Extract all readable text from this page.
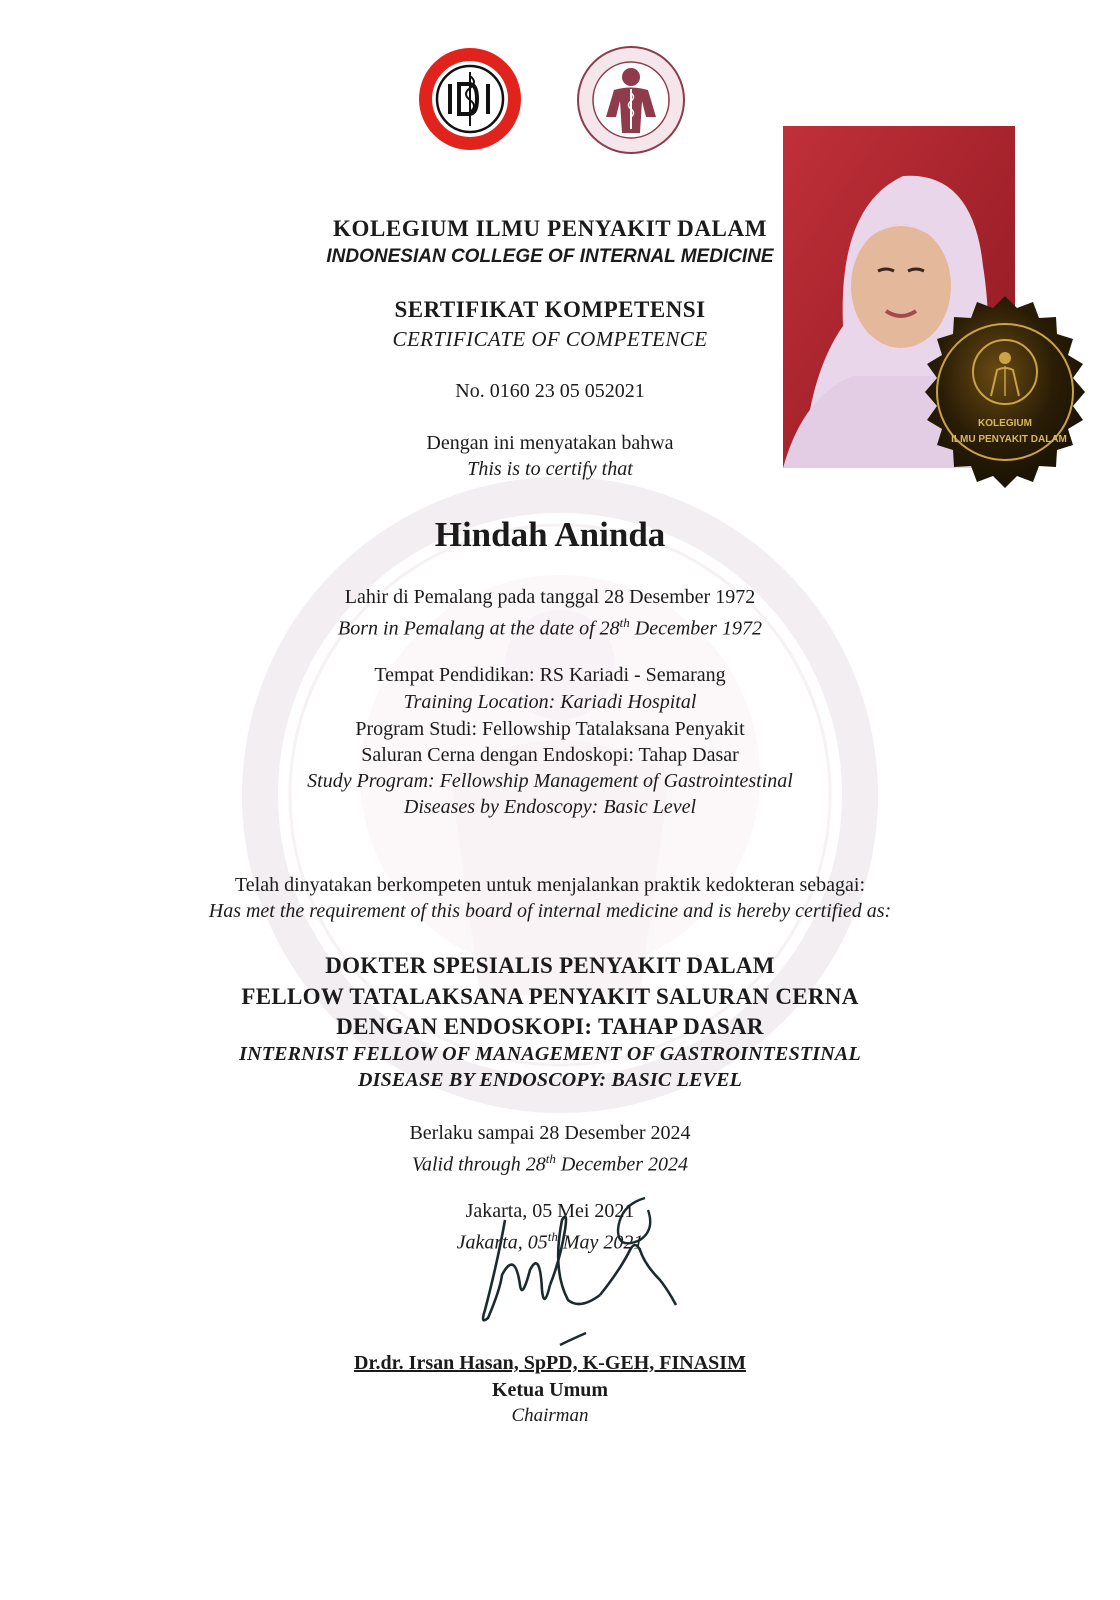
KOLEGIUM
ILMU PENYAKIT DALAM
KOLEGIUM ILMU PENYAKIT DALAM
INDONESIAN COLLEGE OF INTERNAL MEDICINE
SERTIFIKAT KOMPETENSI
CERTIFICATE OF COMPETENCE
No. 0160 23 05 052021
Dengan ini menyatakan bahwa
This is to certify that
Hindah Aninda
Lahir di Pemalang pada tanggal 28 Desember 1972
Born in Pemalang at the date of 28th December 1972
Tempat Pendidikan: RS Kariadi - Semarang
Training Location: Kariadi Hospital
Program Studi: Fellowship Tatalaksana Penyakit
Saluran Cerna dengan Endoskopi: Tahap Dasar
Study Program: Fellowship Management of Gastrointestinal
Diseases by Endoscopy: Basic Level
Telah dinyatakan berkompeten untuk menjalankan praktik kedokteran sebagai:
Has met the requirement of this board of internal medicine and is hereby certified as:
DOKTER SPESIALIS PENYAKIT DALAM
FELLOW TATALAKSANA PENYAKIT SALURAN CERNA
DENGAN ENDOSKOPI: TAHAP DASAR
INTERNIST FELLOW OF MANAGEMENT OF GASTROINTESTINAL
DISEASE BY ENDOSCOPY: BASIC LEVEL
Berlaku sampai 28 Desember 2024
Valid through 28th December 2024
Jakarta, 05 Mei 2021
Jakarta, 05th May 2021
Dr.dr. Irsan Hasan, SpPD, K-GEH, FINASIM
Ketua Umum
Chairman
